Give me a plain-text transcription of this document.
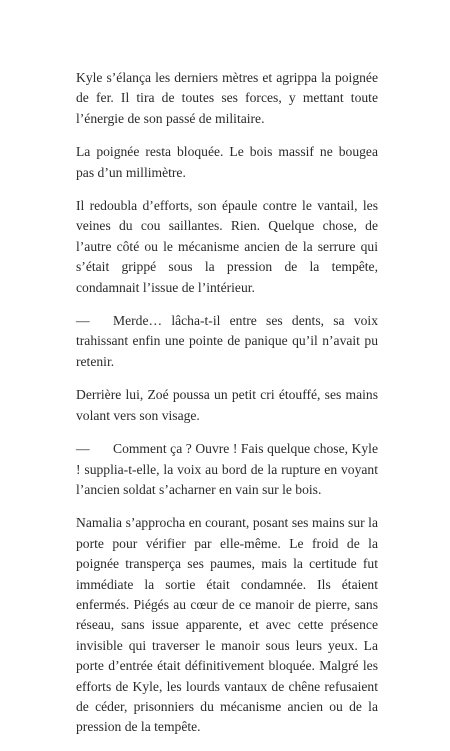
Kyle s’élança les derniers mètres et agrippa la poignée de fer. Il tira de toutes ses forces, y mettant toute l’énergie de son passé de militaire.

La poignée resta bloquée. Le bois massif ne bougea pas d’un millimètre.

Il redoubla d’efforts, son épaule contre le vantail, les veines du cou saillantes. Rien. Quelque chose, de l’autre côté ou le mécanisme ancien de la serrure qui s’était grippé sous la pression de la tempête, condamnait l’issue de l’intérieur.

— Merde… lâcha-t-il entre ses dents, sa voix trahissant enfin une pointe de panique qu’il n’avait pu retenir.

Derrière lui, Zoé poussa un petit cri étouffé, ses mains volant vers son visage.

— Comment ça ? Ouvre ! Fais quelque chose, Kyle ! supplia-t-elle, la voix au bord de la rupture en voyant l’ancien soldat s’acharner en vain sur le bois.

Namalia s’approcha en courant, posant ses mains sur la porte pour vérifier par elle-même. Le froid de la poignée transperça ses paumes, mais la certitude fut immédiate la sortie était condamnée. Ils étaient enfermés. Piégés au cœur de ce manoir de pierre, sans réseau, sans issue apparente, et avec cette présence invisible qui traverser le manoir sous leurs yeux. La porte d’entrée était définitivement bloquée. Malgré les efforts de Kyle, les lourds vantaux de chêne refusaient de céder, prisonniers du mécanisme ancien ou de la pression de la tempête.
